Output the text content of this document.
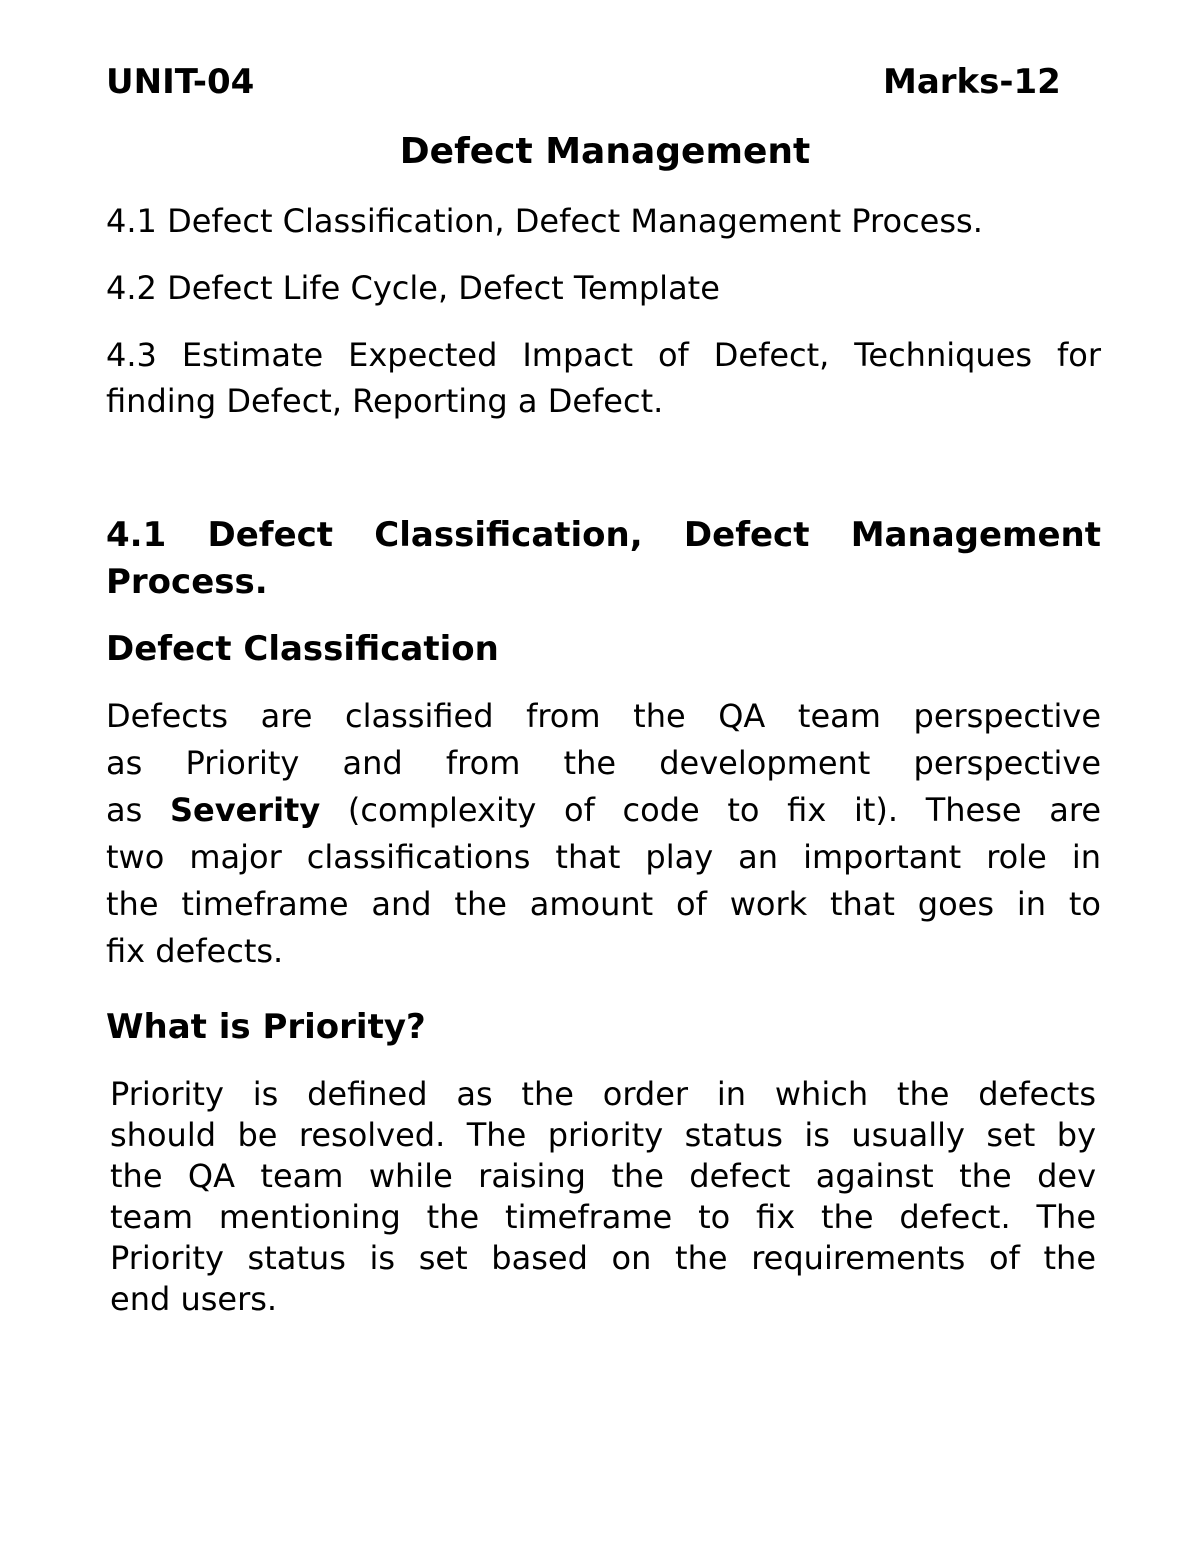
UNIT-04	Marks-12
Defect Management
4.1 Defect Classification, Defect Management Process.
4.2 Defect Life Cycle, Defect Template
4.3 Estimate Expected Impact of Defect, Techniques for
finding Defect, Reporting a Defect.
4.1 Defect Classification, Defect Management
Process.
Defect Classification
Defects are classified from the QA team perspective
as Priority and from the development perspective
as Severity (complexity of code to fix it). These are
two major classifications that play an important role in
the timeframe and the amount of work that goes in to
fix defects.
What is Priority?
Priority is defined as the order in which the defects
should be resolved. The priority status is usually set by
the QA team while raising the defect against the dev
team mentioning the timeframe to fix the defect. The
Priority status is set based on the requirements of the
end users.
